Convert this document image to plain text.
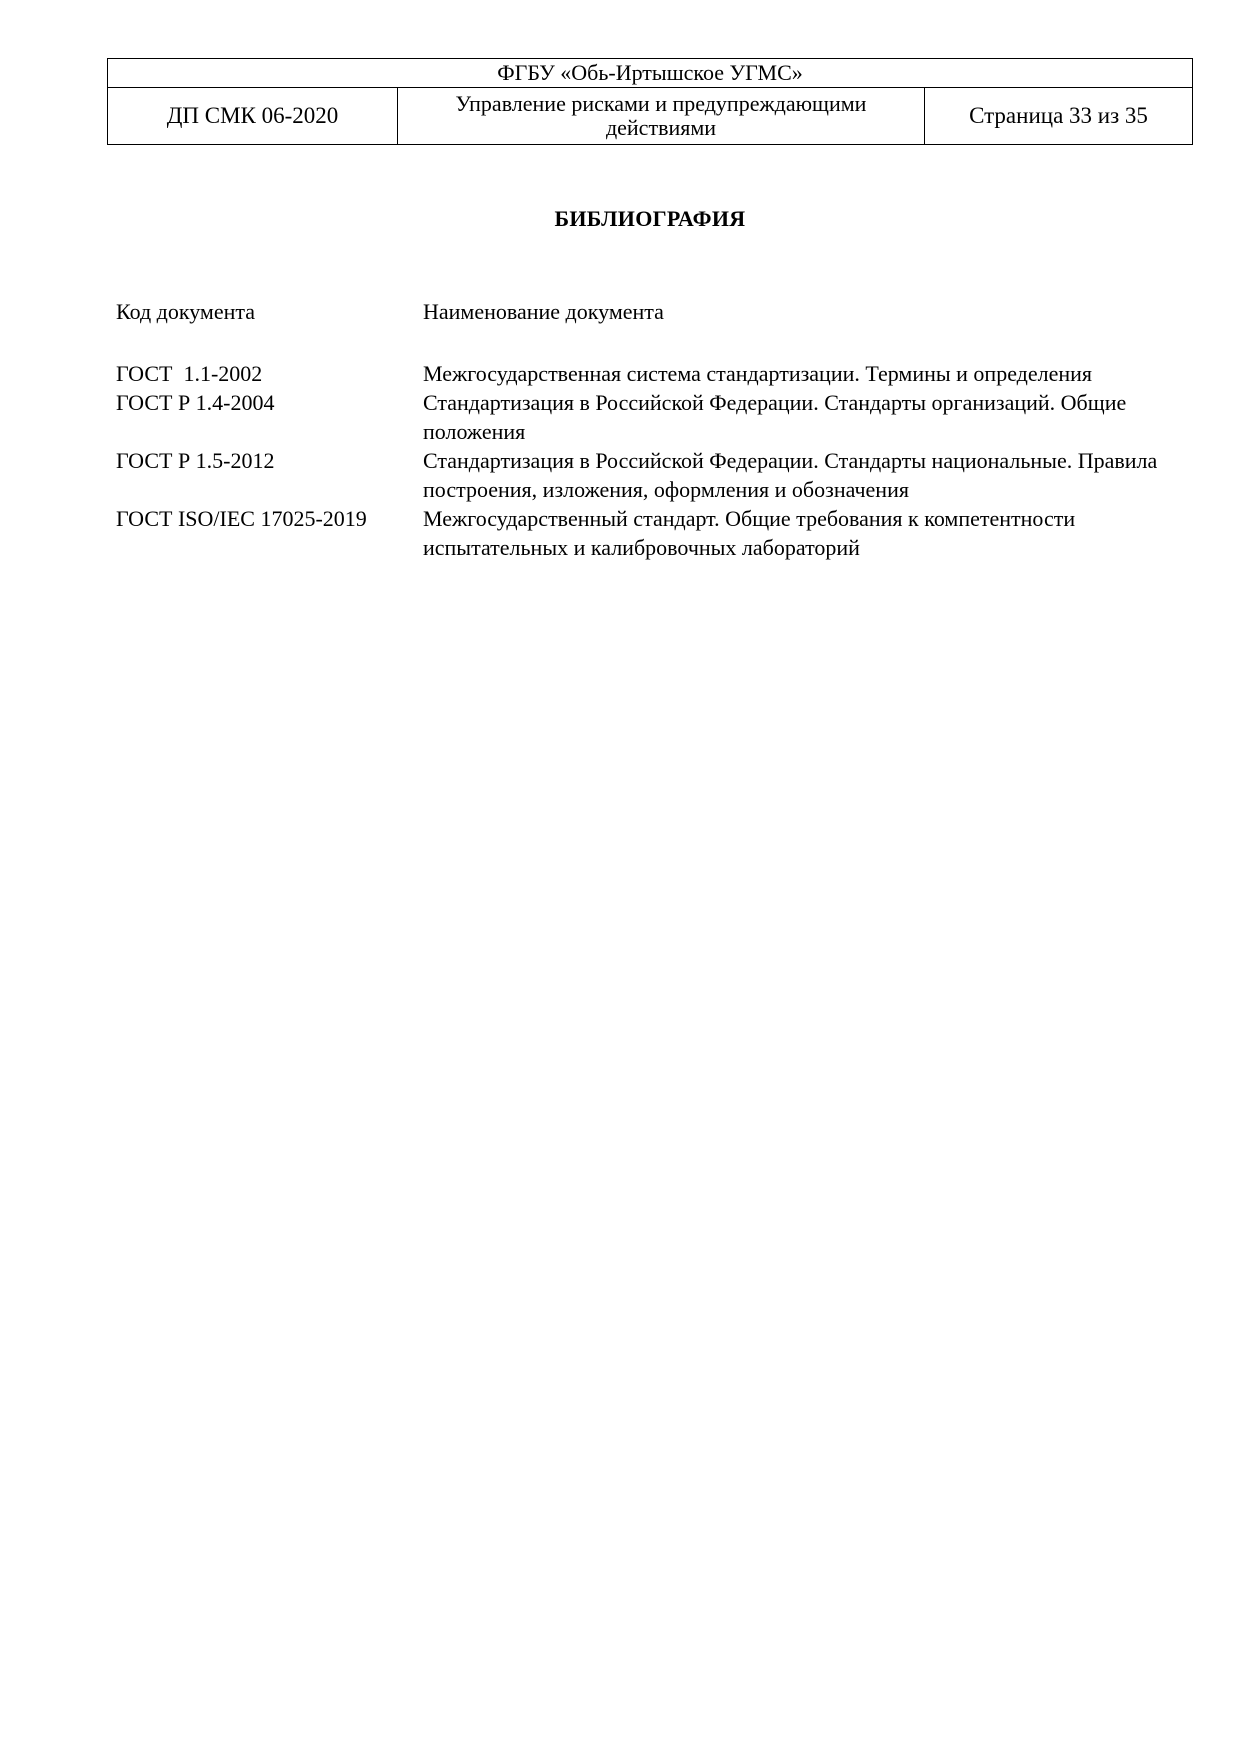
ФГБУ «Обь-Иртышское УГМС»
ДП СМК 06-2020	Управление рисками и предупреждающими действиями	Страница 33 из 35
БИБЛИОГРАФИЯ
Код документа	Наименование документа
ГОСТ  1.1-2002	Межгосударственная система стандартизации. Термины и определения
ГОСТ Р 1.4-2004	Стандартизация в Российской Федерации. Стандарты организаций. Общие положения
ГОСТ Р 1.5-2012	Стандартизация в Российской Федерации. Стандарты национальные. Правила построения, изложения, оформления и обозначения
ГОСТ ISO/IEC 17025-2019	Межгосударственный стандарт. Общие требования к компетентности испытательных и калибровочных лабораторий
